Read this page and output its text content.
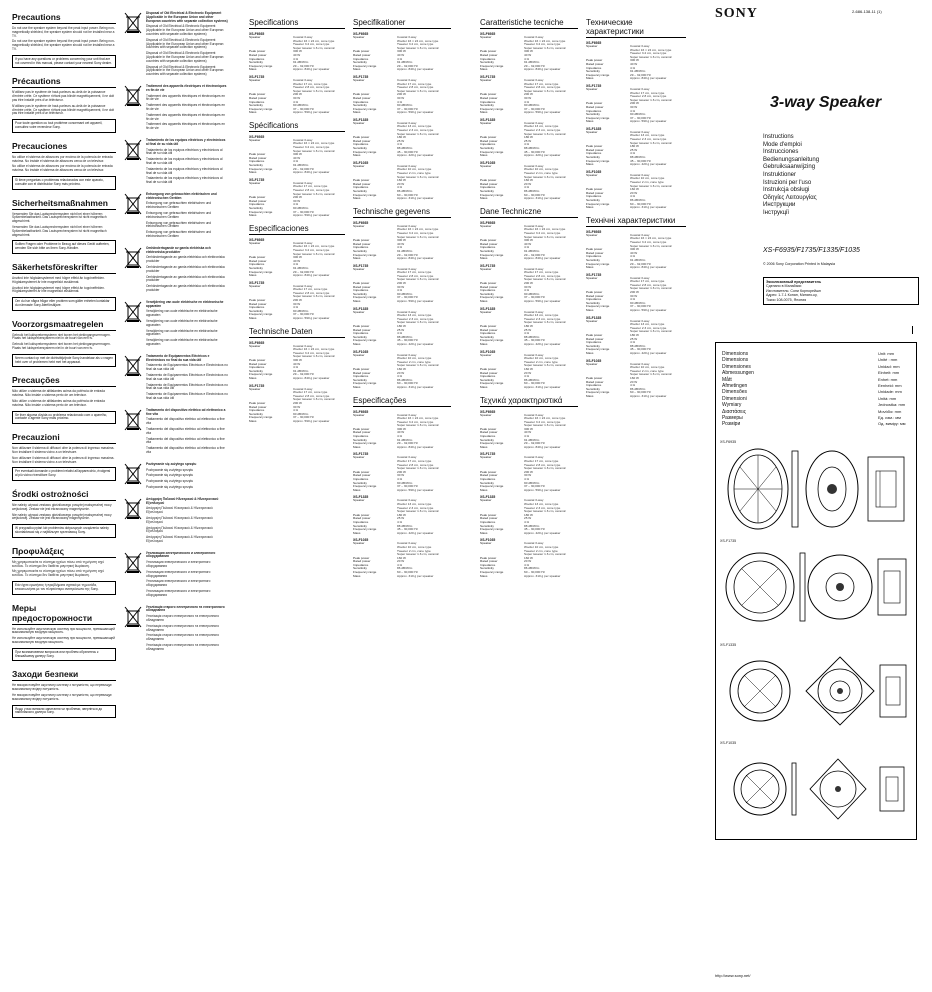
Precautions

Do not use the speaker system beyond the peak input power. Being non-magnetically shielded, the speaker system should not be installed near a TV.

Do not use the speaker system beyond the peak input power. Being non-magnetically shielded, the speaker system should not be installed near a TV.

If you have any questions or problems concerning your unit that are not covered in this manual, please contact your nearest Sony dealer.
Précautions

N'utilisez pas le système de haut-parleurs au-delà de la puissance d'entrée crête. Ce système n'étant pas blindé magnétiquement, il ne doit pas être installé près d'un téléviseur.

N'utilisez pas le système de haut-parleurs au-delà de la puissance d'entrée crête. Ce système n'étant pas blindé magnétiquement, il ne doit pas être installé près d'un téléviseur.

Pour toute question ou tout problème concernant cet appareil, consultez votre revendeur Sony.
Precauciones

No utilice el sistema de altavoces por encima de la potencia de entrada máxima. No instale el sistema de altavoces cerca de un televisor.

No utilice el sistema de altavoces por encima de la potencia de entrada máxima. No instale el sistema de altavoces cerca de un televisor.

Si tiene preguntas o problemas relacionados con este aparato, consulte con el distribuidor Sony más próximo.
Sicherheitsmaßnahmen

Verwenden Sie das Lautsprechersystem nicht bei einer höheren Spitzenbelastbarkeit. Das Lautsprechersystem ist nicht magnetisch abgeschirmt.

Verwenden Sie das Lautsprechersystem nicht bei einer höheren Spitzenbelastbarkeit. Das Lautsprechersystem ist nicht magnetisch abgeschirmt.

Sollten Fragen oder Probleme in Bezug auf dieses Gerät auftreten, wenden Sie sich bitte an Ihren Sony-Händler.
Säkerhetsföreskrifter

Använd inte högtalarsystemet med högre effekt än toppineffekten. Högtalarsystemet är inte magnetiskt avskärmat.

Använd inte högtalarsystemet med högre effekt än toppineffekten. Högtalarsystemet är inte magnetiskt avskärmat.

Om du har några frågor eller problem som gäller enheten kontaktar du närmaste Sony-återförsäljare.
Voorzorgsmaatregelen

Gebruik het luidsprekersysteem niet boven het piekingangsvermogen. Plaats het luidsprekersysteem niet in de buurt van een tv.

Gebruik het luidsprekersysteem niet boven het piekingangsvermogen. Plaats het luidsprekersysteem niet in de buurt van een tv.

Neem contact op met de dichtstbijzijnde Sony-handelaar als u vragen hebt over of problemen hebt met het apparaat.
Precauções

Não utilize o sistema de altifalantes acima da potência de entrada máxima. Não instale o sistema perto de um televisor.

Não utilize o sistema de altifalantes acima da potência de entrada máxima. Não instale o sistema perto de um televisor.

Se tiver alguma dúvida ou problema relacionado com o aparelho, contacte o agente Sony mais próximo.
Precauzioni

Non utilizzare il sistema di diffusori oltre la potenza di ingresso massima. Non installare il sistema vicino a un televisore.

Non utilizzare il sistema di diffusori oltre la potenza di ingresso massima. Non installare il sistema vicino a un televisore.

Per eventuali domande o problemi relativi all'apparecchio, rivolgersi al più vicino rivenditore Sony.
Środki ostrożności

Nie należy używać zestawu głośnikowego powyżej maksymalnej mocy wejściowej. Zestaw nie jest ekranowany magnetycznie.

Nie należy używać zestawu głośnikowego powyżej maksymalnej mocy wejściowej. Zestaw nie jest ekranowany magnetycznie.

W przypadku pytań lub problemów dotyczących urządzenia należy skontaktować się z najbliższym sprzedawcą Sony.
Προφυλάξεις

Μη χρησιμοποιείτε το σύστημα ηχείων πάνω από τη μέγιστη ισχύ εισόδου. Το σύστημα δεν διαθέτει μαγνητική θωράκιση.

Μη χρησιμοποιείτε το σύστημα ηχείων πάνω από τη μέγιστη ισχύ εισόδου. Το σύστημα δεν διαθέτει μαγνητική θωράκιση.

Εάν έχετε ερωτήσεις ή προβλήματα σχετικά με τη μονάδα, επικοινωνήστε με τον πλησιέστερο αντιπρόσωπο της Sony.
Меры предосторожности

Не используйте акустическую систему при мощности, превышающей максимальную входную мощность.

Не используйте акустическую систему при мощности, превышающей максимальную входную мощность.

При возникновении вопросов или проблем обратитесь к ближайшему дилеру Sony.
Заходи безпеки

Не використовуйте акустичну систему з потужністю, що перевищує максимальну вхідну потужність.

Не використовуйте акустичну систему з потужністю, що перевищує максимальну вхідну потужність.

Якщо у вас виникли запитання чи проблеми, зверніться до найближчого дилера Sony.

Disposal of Old Electrical & Electronic Equipment (Applicable in the European Union and other European countries with separate collection systems)

Disposal of Old Electrical & Electronic Equipment (Applicable in the European Union and other European countries with separate collection systems)

Disposal of Old Electrical & Electronic Equipment (Applicable in the European Union and other European countries with separate collection systems)

Disposal of Old Electrical & Electronic Equipment (Applicable in the European Union and other European countries with separate collection systems)

Disposal of Old Electrical & Electronic Equipment (Applicable in the European Union and other European countries with separate collection systems)

Traitement des appareils électriques et électroniques en fin de vie

Traitement des appareils électriques et électroniques en fin de vie

Traitement des appareils électriques et électroniques en fin de vie

Traitement des appareils électriques et électroniques en fin de vie

Traitement des appareils électriques et électroniques en fin de vie

Tratamiento de los equipos eléctricos y electrónicos al final de su vida útil

Tratamiento de los equipos eléctricos y electrónicos al final de su vida útil

Tratamiento de los equipos eléctricos y electrónicos al final de su vida útil

Tratamiento de los equipos eléctricos y electrónicos al final de su vida útil

Tratamiento de los equipos eléctricos y electrónicos al final de su vida útil

Entsorgung von gebrauchten elektrischen und elektronischen Geräten

Entsorgung von gebrauchten elektrischen und elektronischen Geräten

Entsorgung von gebrauchten elektrischen und elektronischen Geräten

Entsorgung von gebrauchten elektrischen und elektronischen Geräten

Entsorgung von gebrauchten elektrischen und elektronischen Geräten

Omhändertagande av gamla elektriska och elektroniska produkter

Omhändertagande av gamla elektriska och elektroniska produkter

Omhändertagande av gamla elektriska och elektroniska produkter

Omhändertagande av gamla elektriska och elektroniska produkter

Omhändertagande av gamla elektriska och elektroniska produkter

Verwijdering van oude elektrische en elektronische apparaten

Verwijdering van oude elektrische en elektronische apparaten

Verwijdering van oude elektrische en elektronische apparaten

Verwijdering van oude elektrische en elektronische apparaten

Verwijdering van oude elektrische en elektronische apparaten

Tratamento de Equipamentos Eléctricos e Electrónicos no final da sua vida útil

Tratamento de Equipamentos Eléctricos e Electrónicos no final da sua vida útil

Tratamento de Equipamentos Eléctricos e Electrónicos no final da sua vida útil

Tratamento de Equipamentos Eléctricos e Electrónicos no final da sua vida útil

Tratamento de Equipamentos Eléctricos e Electrónicos no final da sua vida útil

Trattamento del dispositivo elettrico od elettronico a fine vita

Trattamento del dispositivo elettrico od elettronico a fine vita

Trattamento del dispositivo elettrico od elettronico a fine vita

Trattamento del dispositivo elettrico od elettronico a fine vita

Trattamento del dispositivo elettrico od elettronico a fine vita

Pozbywanie się zużytego sprzętu

Pozbywanie się zużytego sprzętu

Pozbywanie się zużytego sprzętu

Pozbywanie się zużytego sprzętu

Pozbywanie się zużytego sprzętu

Απόρριψη Παλαιού Ηλεκτρικού & Ηλεκτρονικού Εξοπλισμού

Απόρριψη Παλαιού Ηλεκτρικού & Ηλεκτρονικού Εξοπλισμού

Απόρριψη Παλαιού Ηλεκτρικού & Ηλεκτρονικού Εξοπλισμού

Απόρριψη Παλαιού Ηλεκτρικού & Ηλεκτρονικού Εξοπλισμού

Απόρριψη Παλαιού Ηλεκτρικού & Ηλεκτρονικού Εξοπλισμού

Утилизация электрического и электронного оборудования

Утилизация электрического и электронного оборудования

Утилизация электрического и электронного оборудования

Утилизация электрического и электронного оборудования

Утилизация электрического и электронного оборудования

Утилізація старого електричного та електронного обладнання

Утилізація старого електричного та електронного обладнання

Утилізація старого електричного та електронного обладнання

Утилізація старого електричного та електронного обладнання

Утилізація старого електричного та електронного обладнання

Specifications
XS-F6935
Speaker	Coaxial 3-way
Woofer 16 × 24 cm, cone type
Tweeter 3.2 cm, cone type
Super tweeter 1.6 cm, ceramic
Peak power	300 W
Rated power	40 W
Impedance	4 Ω
Sensitivity	91 dB/W/m
Frequency range	29 – 32,000 Hz
Mass	Approx. 840 g per speaker
XS-F1735
Speaker	Coaxial 3-way
Woofer 17 cm, cone type
Tweeter 2.8 cm, cone type
Super tweeter 1.6 cm, ceramic
Peak power	200 W
Rated power	30 W
Impedance	4 Ω
Sensitivity	90 dB/W/m
Frequency range	37 – 30,000 Hz
Mass	Approx. 590 g per speaker
Spécifications
XS-F6935
Speaker	Coaxial 3-way
Woofer 16 × 24 cm, cone type
Tweeter 3.2 cm, cone type
Super tweeter 1.6 cm, ceramic
Peak power	300 W
Rated power	40 W
Impedance	4 Ω
Sensitivity	91 dB/W/m
Frequency range	29 – 32,000 Hz
Mass	Approx. 840 g per speaker
XS-F1735
Speaker	Coaxial 3-way
Woofer 17 cm, cone type
Tweeter 2.8 cm, cone type
Super tweeter 1.6 cm, ceramic
Peak power	200 W
Rated power	30 W
Impedance	4 Ω
Sensitivity	90 dB/W/m
Frequency range	37 – 30,000 Hz
Mass	Approx. 590 g per speaker
Especificaciones
XS-F6935
Speaker	Coaxial 3-way
Woofer 16 × 24 cm, cone type
Tweeter 3.2 cm, cone type
Super tweeter 1.6 cm, ceramic
Peak power	300 W
Rated power	40 W
Impedance	4 Ω
Sensitivity	91 dB/W/m
Frequency range	29 – 32,000 Hz
Mass	Approx. 840 g per speaker
XS-F1735
Speaker	Coaxial 3-way
Woofer 17 cm, cone type
Tweeter 2.8 cm, cone type
Super tweeter 1.6 cm, ceramic
Peak power	200 W
Rated power	30 W
Impedance	4 Ω
Sensitivity	90 dB/W/m
Frequency range	37 – 30,000 Hz
Mass	Approx. 590 g per speaker
Technische Daten
XS-F6935
Speaker	Coaxial 3-way
Woofer 16 × 24 cm, cone type
Tweeter 3.2 cm, cone type
Super tweeter 1.6 cm, ceramic
Peak power	300 W
Rated power	40 W
Impedance	4 Ω
Sensitivity	91 dB/W/m
Frequency range	29 – 32,000 Hz
Mass	Approx. 840 g per speaker
XS-F1735
Speaker	Coaxial 3-way
Woofer 17 cm, cone type
Tweeter 2.8 cm, cone type
Super tweeter 1.6 cm, ceramic
Peak power	200 W
Rated power	30 W
Impedance	4 Ω
Sensitivity	90 dB/W/m
Frequency range	37 – 30,000 Hz
Mass	Approx. 590 g per speaker
Specifikationer
XS-F6935
Speaker	Coaxial 3-way
Woofer 16 × 24 cm, cone type
Tweeter 3.2 cm, cone type
Super tweeter 1.6 cm, ceramic
Peak power	300 W
Rated power	40 W
Impedance	4 Ω
Sensitivity	91 dB/W/m
Frequency range	29 – 32,000 Hz
Mass	Approx. 840 g per speaker
XS-F1735
Speaker	Coaxial 3-way
Woofer 17 cm, cone type
Tweeter 2.8 cm, cone type
Super tweeter 1.6 cm, ceramic
Peak power	200 W
Rated power	30 W
Impedance	4 Ω
Sensitivity	90 dB/W/m
Frequency range	37 – 30,000 Hz
Mass	Approx. 590 g per speaker
XS-F1335
Speaker	Coaxial 3-way
Woofer 13 cm, cone type
Tweeter 2.3 cm, cone type
Super tweeter 1.6 cm, ceramic
Peak power	180 W
Rated power	25 W
Impedance	4 Ω
Sensitivity	88 dB/W/m
Frequency range	45 – 30,000 Hz
Mass	Approx. 420 g per speaker
XS-F1035
Speaker	Coaxial 3-way
Woofer 10 cm, cone type
Tweeter 2 cm, cone type
Super tweeter 1.6 cm, ceramic
Peak power	160 W
Rated power	20 W
Impedance	4 Ω
Sensitivity	86 dB/W/m
Frequency range	60 – 30,000 Hz
Mass	Approx. 310 g per speaker
Technische gegevens
XS-F6935
Speaker	Coaxial 3-way
Woofer 16 × 24 cm, cone type
Tweeter 3.2 cm, cone type
Super tweeter 1.6 cm, ceramic
Peak power	300 W
Rated power	40 W
Impedance	4 Ω
Sensitivity	91 dB/W/m
Frequency range	29 – 32,000 Hz
Mass	Approx. 840 g per speaker
XS-F1735
Speaker	Coaxial 3-way
Woofer 17 cm, cone type
Tweeter 2.8 cm, cone type
Super tweeter 1.6 cm, ceramic
Peak power	200 W
Rated power	30 W
Impedance	4 Ω
Sensitivity	90 dB/W/m
Frequency range	37 – 30,000 Hz
Mass	Approx. 590 g per speaker
XS-F1335
Speaker	Coaxial 3-way
Woofer 13 cm, cone type
Tweeter 2.3 cm, cone type
Super tweeter 1.6 cm, ceramic
Peak power	180 W
Rated power	25 W
Impedance	4 Ω
Sensitivity	88 dB/W/m
Frequency range	45 – 30,000 Hz
Mass	Approx. 420 g per speaker
XS-F1035
Speaker	Coaxial 3-way
Woofer 10 cm, cone type
Tweeter 2 cm, cone type
Super tweeter 1.6 cm, ceramic
Peak power	160 W
Rated power	20 W
Impedance	4 Ω
Sensitivity	86 dB/W/m
Frequency range	60 – 30,000 Hz
Mass	Approx. 310 g per speaker
Especificações
XS-F6935
Speaker	Coaxial 3-way
Woofer 16 × 24 cm, cone type
Tweeter 3.2 cm, cone type
Super tweeter 1.6 cm, ceramic
Peak power	300 W
Rated power	40 W
Impedance	4 Ω
Sensitivity	91 dB/W/m
Frequency range	29 – 32,000 Hz
Mass	Approx. 840 g per speaker
XS-F1735
Speaker	Coaxial 3-way
Woofer 17 cm, cone type
Tweeter 2.8 cm, cone type
Super tweeter 1.6 cm, ceramic
Peak power	200 W
Rated power	30 W
Impedance	4 Ω
Sensitivity	90 dB/W/m
Frequency range	37 – 30,000 Hz
Mass	Approx. 590 g per speaker
XS-F1335
Speaker	Coaxial 3-way
Woofer 13 cm, cone type
Tweeter 2.3 cm, cone type
Super tweeter 1.6 cm, ceramic
Peak power	180 W
Rated power	25 W
Impedance	4 Ω
Sensitivity	88 dB/W/m
Frequency range	45 – 30,000 Hz
Mass	Approx. 420 g per speaker
XS-F1035
Speaker	Coaxial 3-way
Woofer 10 cm, cone type
Tweeter 2 cm, cone type
Super tweeter 1.6 cm, ceramic
Peak power	160 W
Rated power	20 W
Impedance	4 Ω
Sensitivity	86 dB/W/m
Frequency range	60 – 30,000 Hz
Mass	Approx. 310 g per speaker
Caratteristiche tecniche
XS-F6935
Speaker	Coaxial 3-way
Woofer 16 × 24 cm, cone type
Tweeter 3.2 cm, cone type
Super tweeter 1.6 cm, ceramic
Peak power	300 W
Rated power	40 W
Impedance	4 Ω
Sensitivity	91 dB/W/m
Frequency range	29 – 32,000 Hz
Mass	Approx. 840 g per speaker
XS-F1735
Speaker	Coaxial 3-way
Woofer 17 cm, cone type
Tweeter 2.8 cm, cone type
Super tweeter 1.6 cm, ceramic
Peak power	200 W
Rated power	30 W
Impedance	4 Ω
Sensitivity	90 dB/W/m
Frequency range	37 – 30,000 Hz
Mass	Approx. 590 g per speaker
XS-F1335
Speaker	Coaxial 3-way
Woofer 13 cm, cone type
Tweeter 2.3 cm, cone type
Super tweeter 1.6 cm, ceramic
Peak power	180 W
Rated power	25 W
Impedance	4 Ω
Sensitivity	88 dB/W/m
Frequency range	45 – 30,000 Hz
Mass	Approx. 420 g per speaker
XS-F1035
Speaker	Coaxial 3-way
Woofer 10 cm, cone type
Tweeter 2 cm, cone type
Super tweeter 1.6 cm, ceramic
Peak power	160 W
Rated power	20 W
Impedance	4 Ω
Sensitivity	86 dB/W/m
Frequency range	60 – 30,000 Hz
Mass	Approx. 310 g per speaker
Dane Techniczne
XS-F6935
Speaker	Coaxial 3-way
Woofer 16 × 24 cm, cone type
Tweeter 3.2 cm, cone type
Super tweeter 1.6 cm, ceramic
Peak power	300 W
Rated power	40 W
Impedance	4 Ω
Sensitivity	91 dB/W/m
Frequency range	29 – 32,000 Hz
Mass	Approx. 840 g per speaker
XS-F1735
Speaker	Coaxial 3-way
Woofer 17 cm, cone type
Tweeter 2.8 cm, cone type
Super tweeter 1.6 cm, ceramic
Peak power	200 W
Rated power	30 W
Impedance	4 Ω
Sensitivity	90 dB/W/m
Frequency range	37 – 30,000 Hz
Mass	Approx. 590 g per speaker
XS-F1335
Speaker	Coaxial 3-way
Woofer 13 cm, cone type
Tweeter 2.3 cm, cone type
Super tweeter 1.6 cm, ceramic
Peak power	180 W
Rated power	25 W
Impedance	4 Ω
Sensitivity	88 dB/W/m
Frequency range	45 – 30,000 Hz
Mass	Approx. 420 g per speaker
XS-F1035
Speaker	Coaxial 3-way
Woofer 10 cm, cone type
Tweeter 2 cm, cone type
Super tweeter 1.6 cm, ceramic
Peak power	160 W
Rated power	20 W
Impedance	4 Ω
Sensitivity	86 dB/W/m
Frequency range	60 – 30,000 Hz
Mass	Approx. 310 g per speaker
Τεχνικά χαρακτηριστικά
XS-F6935
Speaker	Coaxial 3-way
Woofer 16 × 24 cm, cone type
Tweeter 3.2 cm, cone type
Super tweeter 1.6 cm, ceramic
Peak power	300 W
Rated power	40 W
Impedance	4 Ω
Sensitivity	91 dB/W/m
Frequency range	29 – 32,000 Hz
Mass	Approx. 840 g per speaker
XS-F1735
Speaker	Coaxial 3-way
Woofer 17 cm, cone type
Tweeter 2.8 cm, cone type
Super tweeter 1.6 cm, ceramic
Peak power	200 W
Rated power	30 W
Impedance	4 Ω
Sensitivity	90 dB/W/m
Frequency range	37 – 30,000 Hz
Mass	Approx. 590 g per speaker
XS-F1335
Speaker	Coaxial 3-way
Woofer 13 cm, cone type
Tweeter 2.3 cm, cone type
Super tweeter 1.6 cm, ceramic
Peak power	180 W
Rated power	25 W
Impedance	4 Ω
Sensitivity	88 dB/W/m
Frequency range	45 – 30,000 Hz
Mass	Approx. 420 g per speaker
XS-F1035
Speaker	Coaxial 3-way
Woofer 10 cm, cone type
Tweeter 2 cm, cone type
Super tweeter 1.6 cm, ceramic
Peak power	160 W
Rated power	20 W
Impedance	4 Ω
Sensitivity	86 dB/W/m
Frequency range	60 – 30,000 Hz
Mass	Approx. 310 g per speaker
Технические характеристики
XS-F6935
Speaker	Coaxial 3-way
Woofer 16 × 24 cm, cone type
Tweeter 3.2 cm, cone type
Super tweeter 1.6 cm, ceramic
Peak power	300 W
Rated power	40 W
Impedance	4 Ω
Sensitivity	91 dB/W/m
Frequency range	29 – 32,000 Hz
Mass	Approx. 840 g per speaker
XS-F1735
Speaker	Coaxial 3-way
Woofer 17 cm, cone type
Tweeter 2.8 cm, cone type
Super tweeter 1.6 cm, ceramic
Peak power	200 W
Rated power	30 W
Impedance	4 Ω
Sensitivity	90 dB/W/m
Frequency range	37 – 30,000 Hz
Mass	Approx. 590 g per speaker
XS-F1335
Speaker	Coaxial 3-way
Woofer 13 cm, cone type
Tweeter 2.3 cm, cone type
Super tweeter 1.6 cm, ceramic
Peak power	180 W
Rated power	25 W
Impedance	4 Ω
Sensitivity	88 dB/W/m
Frequency range	45 – 30,000 Hz
Mass	Approx. 420 g per speaker
XS-F1035
Speaker	Coaxial 3-way
Woofer 10 cm, cone type
Tweeter 2 cm, cone type
Super tweeter 1.6 cm, ceramic
Peak power	160 W
Rated power	20 W
Impedance	4 Ω
Sensitivity	86 dB/W/m
Frequency range	60 – 30,000 Hz
Mass	Approx. 310 g per speaker
Технічні характеристики
XS-F6935
Speaker	Coaxial 3-way
Woofer 16 × 24 cm, cone type
Tweeter 3.2 cm, cone type
Super tweeter 1.6 cm, ceramic
Peak power	300 W
Rated power	40 W
Impedance	4 Ω
Sensitivity	91 dB/W/m
Frequency range	29 – 32,000 Hz
Mass	Approx. 840 g per speaker
XS-F1735
Speaker	Coaxial 3-way
Woofer 17 cm, cone type
Tweeter 2.8 cm, cone type
Super tweeter 1.6 cm, ceramic
Peak power	200 W
Rated power	30 W
Impedance	4 Ω
Sensitivity	90 dB/W/m
Frequency range	37 – 30,000 Hz
Mass	Approx. 590 g per speaker
XS-F1335
Speaker	Coaxial 3-way
Woofer 13 cm, cone type
Tweeter 2.3 cm, cone type
Super tweeter 1.6 cm, ceramic
Peak power	180 W
Rated power	25 W
Impedance	4 Ω
Sensitivity	88 dB/W/m
Frequency range	45 – 30,000 Hz
Mass	Approx. 420 g per speaker
XS-F1035
Speaker	Coaxial 3-way
Woofer 10 cm, cone type
Tweeter 2 cm, cone type
Super tweeter 1.6 cm, ceramic
Peak power	160 W
Rated power	20 W
Impedance	4 Ω
Sensitivity	86 dB/W/m
Frequency range	60 – 30,000 Hz
Mass	Approx. 310 g per speaker
SONY	2-686-138-11 (1)
3-way Speaker
Instructions
Mode d'emploi
Instrucciones
Bedienungsanleitung
Gebruiksaanwijzing
Instruktioner
Istruzioni per l'uso
Instrukcja obsługi
Οδηγίες Λειτουργίας
Инструкции
Інструкції
XS-F6935/F1735/F1335/F1035
© 2006 Sony Corporation Printed in Malaysia
Эксклюзивный представитель
Сделано в Малайзии
Изготовитель: Сони Корпорейшн
Адрес: 1-7-1 Конан, Минато-ку,
Токио 108-0075, Япония
Dimensions
Dimensions
Dimensiones
Abmessungen
Mått
Afmetingen
Dimensões
Dimensioni
Wymiary
Διαστάσεις
Размеры
Розміри
Unit: mm
Unité : mm
Unidad: mm
Einheit: mm
Enhet: mm
Eenheid: mm
Unidade: mm
Unità: mm
Jednostka: mm
Μονάδα: mm
Ед. изм.: мм
Од. виміру: мм
XS-F6935
XS-F1735
XS-F1335
XS-F1035
http://www.sony.net/
